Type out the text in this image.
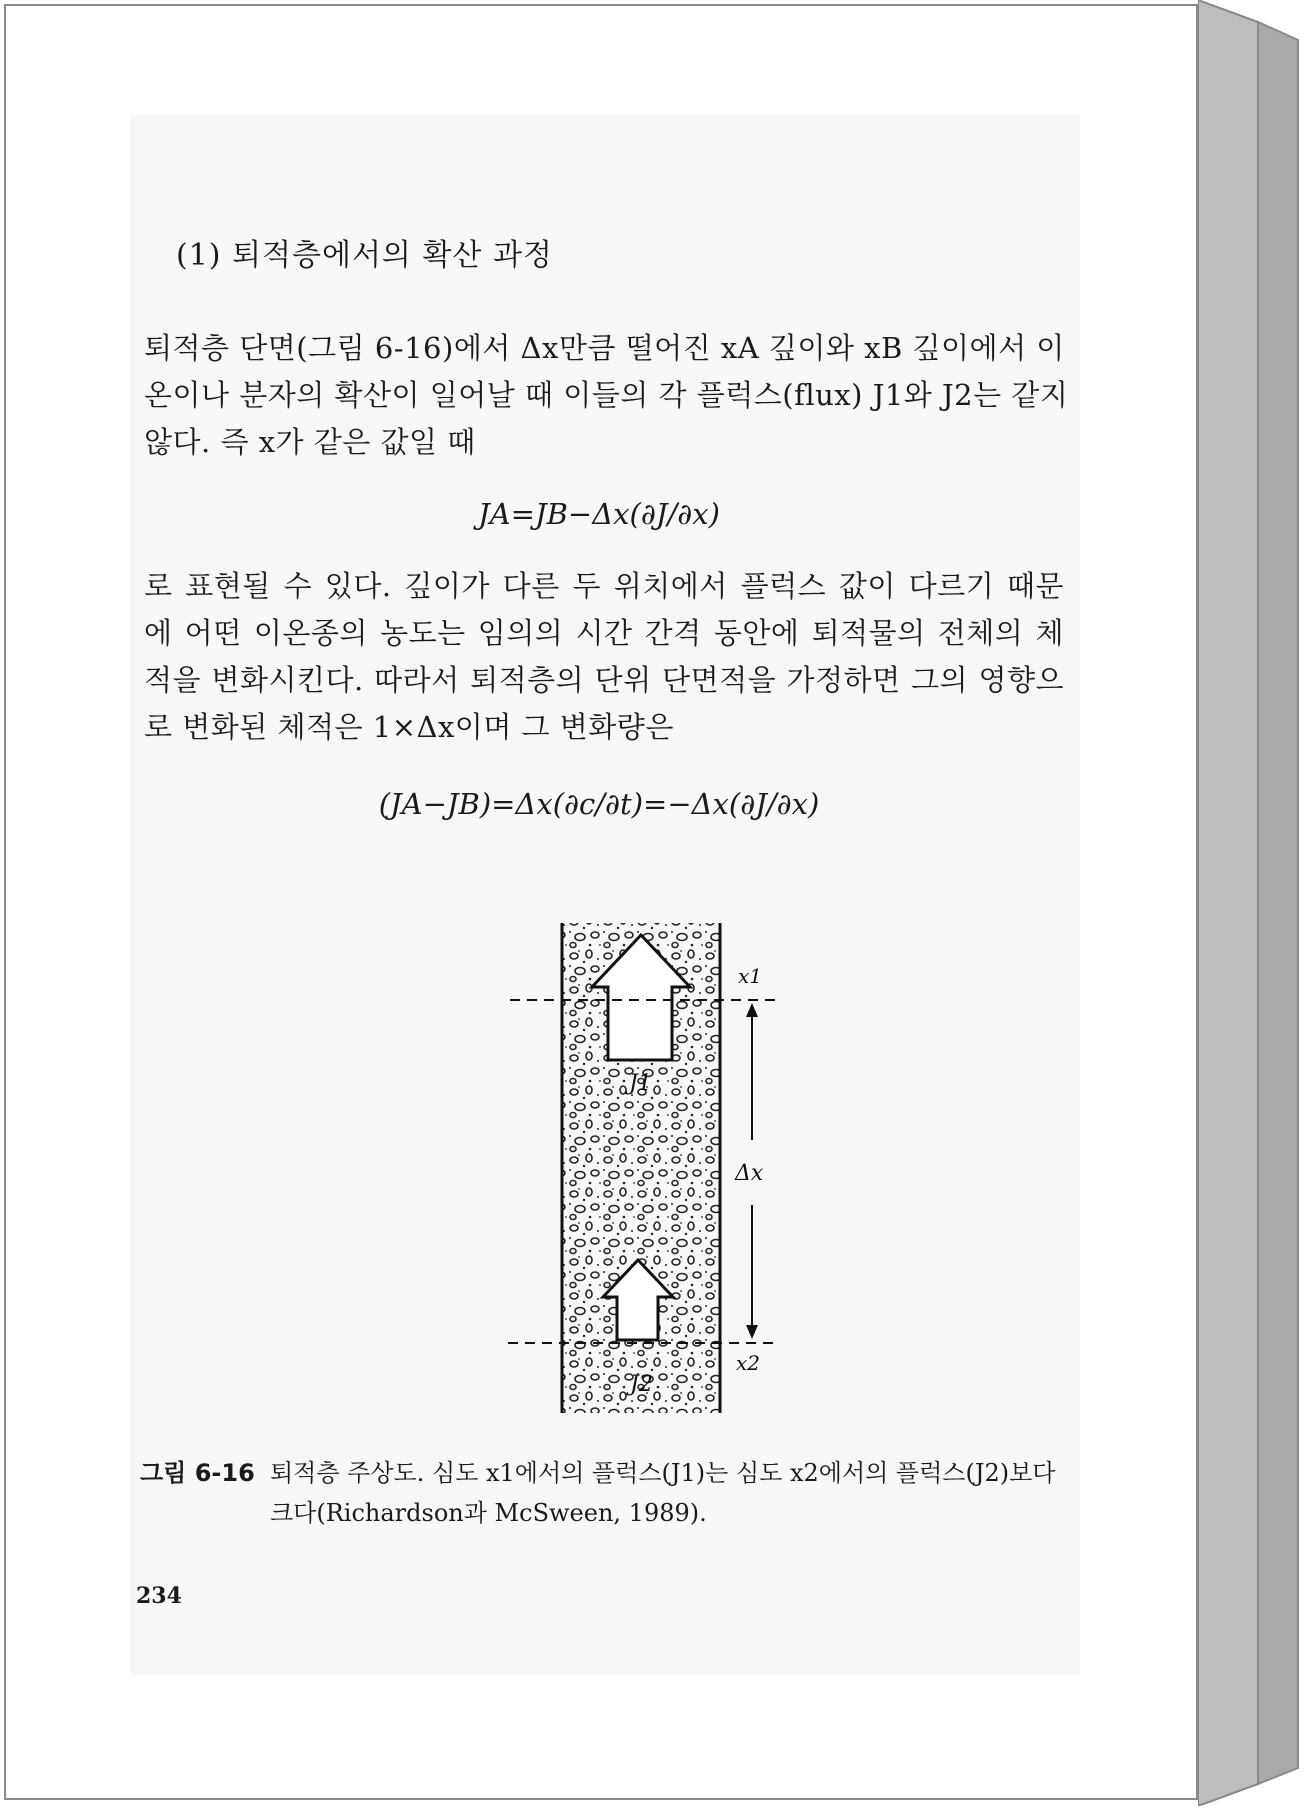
(1) 퇴적층에서의 확산 과정
퇴적층 단면(그림 6-16)에서 Δx만큼 떨어진 xA 깊이와 xB 깊이에서 이
온이나 분자의 확산이 일어날 때 이들의 각 플럭스(flux) J1와 J2는 같지
않다. 즉 x가 같은 값일 때
JA=JB−Δx(∂J/∂x)
로 표현될 수 있다. 깊이가 다른 두 위치에서 플럭스 값이 다르기 때문
에 어떤 이온종의 농도는 임의의 시간 간격 동안에 퇴적물의 전체의 체
적을 변화시킨다. 따라서 퇴적층의 단위 단면적을 가정하면 그의 영향으
로 변화된 체적은 1×Δx이며 그 변화량은
(JA−JB)=Δx(∂c/∂t)=−Δx(∂J/∂x)
x1
x2
Δx
J1
J2
그림 6-16 퇴적층 주상도. 심도 x1에서의 플럭스(J1)는 심도 x2에서의 플럭스(J2)보다 크다(Richardson과 McSween, 1989).
234
